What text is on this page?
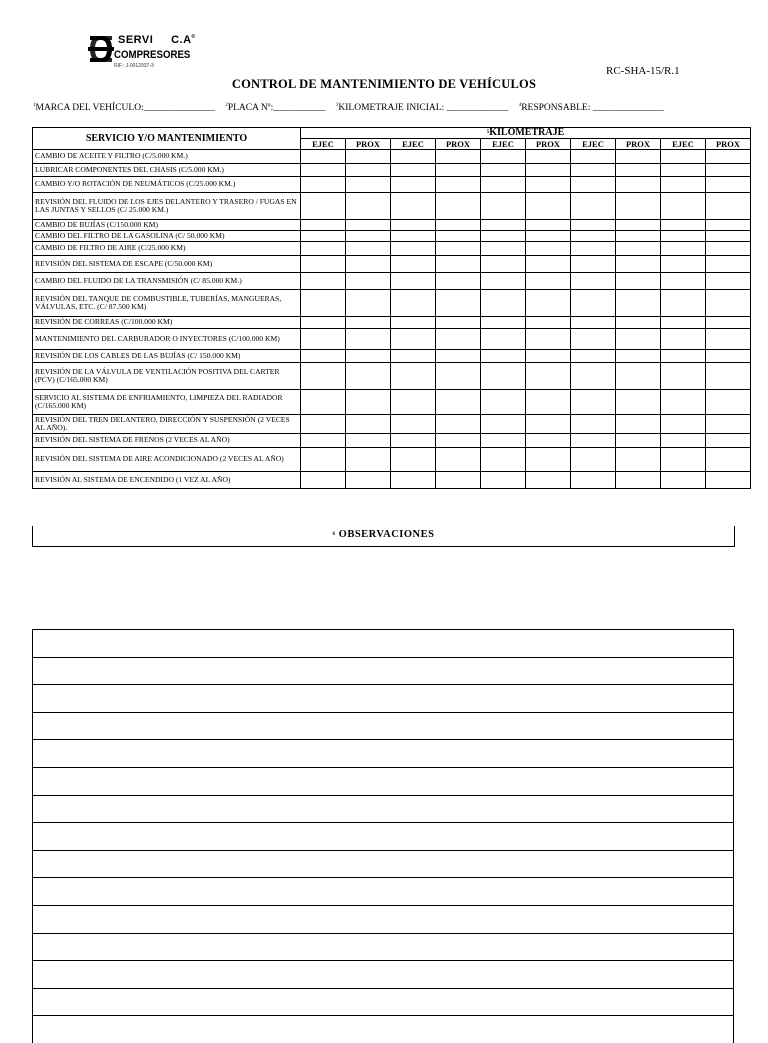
SERVI     C.A®
COMPRESORES
RIF.: J-0012937-3	RC-SHA-15/R.1
CONTROL DE MANTENIMIENTO DE VEHÍCULOS
$^1$MARCA DEL VEHÍCULO:_______________ $^2$PLACA Nº:___________ $^3$KILOMETRAJE INICIAL: _____________ $^4$RESPONSABLE: _______________
SERVICIO Y/O MANTENIMIENTO	$^5$KILOMETRAJE									
	EJEC	PROX	EJEC	PROX	EJEC	PROX	EJEC	PROX	EJEC	PROX
CAMBIO DE ACEITE Y FILTRO (C/5.000 KM.)										
LUBRICAR COMPONENTES DEL CHASIS (C/5.000 KM.)										
CAMBIO Y/O ROTACIÓN DE NEUMÁTICOS (C/25.000 KM.)										
REVISIÓN DEL FLUIDO DE LOS EJES DELANTERO Y TRASERO / FUGAS EN LAS JUNTAS Y SELLOS (C/ 25.000 KM.)										
CAMBIO DE BUJÍAS (C/150.000 KM)										
CAMBIO DEL FILTRO DE LA GASOLINA (C/ 50.000 KM)										
CAMBIO DE FILTRO DE AIRE (C/25.000 KM)										
REVISIÓN DEL SISTEMA DE ESCAPE (C/50.000 KM)										
CAMBIO DEL FLUIDO DE LA TRANSMISIÓN (C/ 85.000 KM.)										
REVISIÓN DEL TANQUE DE COMBUSTIBLE, TUBERÍAS, MANGUERAS, VÁLVULAS, ETC. (C/ 87.500 KM)										
REVISIÓN DE CORREAS (C/100.000 KM)										
MANTENIMIENTO DEL CARBURADOR O INYECTORES (C/100.000 KM)										
REVISIÓN DE LOS CABLES DE LAS BUJÍAS (C/ 150.000 KM)										
REVISIÓN DE LA VÁLVULA DE VENTILACIÓN POSITIVA DEL CARTER (PCV) (C/165.000 KM)										
SERVICIO AL SISTEMA DE ENFRIAMIENTO, LIMPIEZA DEL RADIADOR (C/165.000 KM)										
REVISIÓN DEL TREN DELANTERO, DIRECCIÓN Y SUSPENSIÓN (2 VECES AL AÑO).										
REVISIÓN DEL SISTEMA DE FRENOS (2 VECES AL AÑO)										
REVISIÓN DEL SISTEMA DE AIRE ACONDICIONADO (2 VECES AL AÑO)										
REVISIÓN AL SISTEMA DE ENCENDIDO (1 VEZ AL AÑO)										
$^6$ OBSERVACIONES
